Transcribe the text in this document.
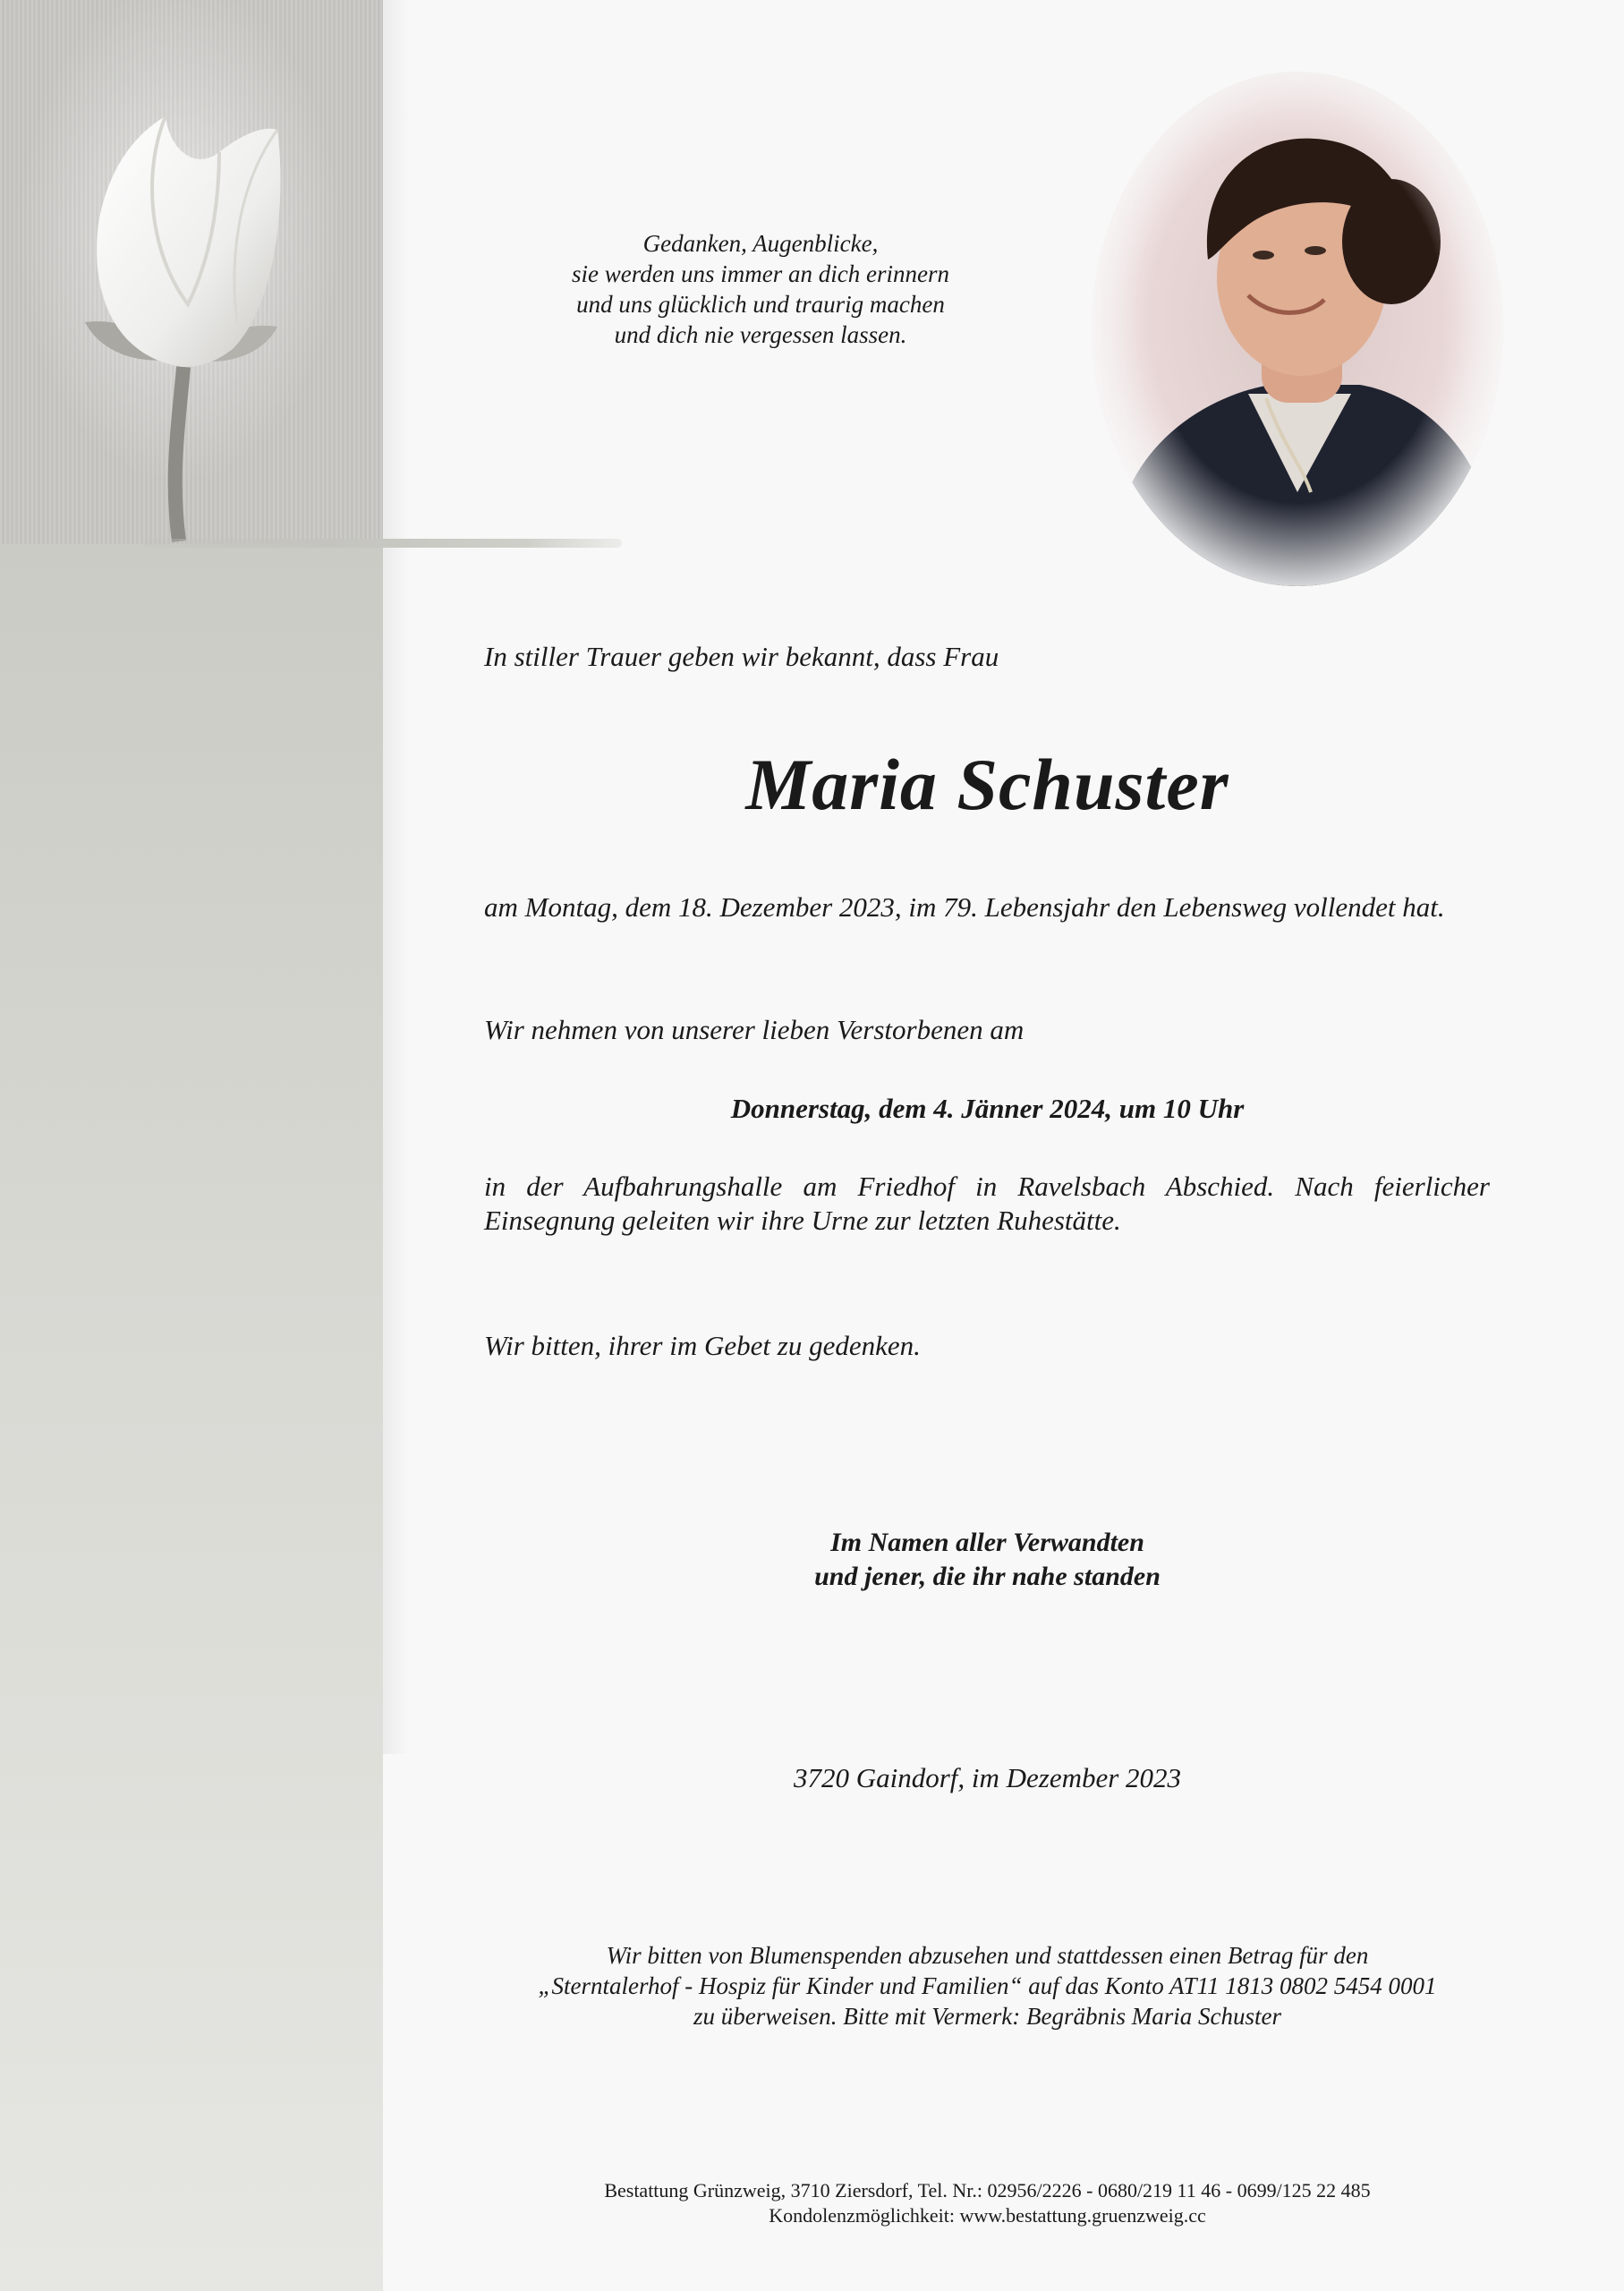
Gedanken, Augenblicke,
sie werden uns immer an dich erinnern
und uns glücklich und traurig machen
und dich nie vergessen lassen.

In stiller Trauer geben wir bekannt, dass Frau

Maria Schuster

am Montag, dem 18. Dezember 2023, im 79. Lebensjahr den Lebensweg vollendet hat.

Wir nehmen von unserer lieben Verstorbenen am

Donnerstag, dem 4. Jänner 2024, um 10 Uhr

in der Aufbahrungshalle am Friedhof in Ravelsbach Abschied. Nach feierlicher Einsegnung geleiten wir ihre Urne zur letzten Ruhestätte.

Wir bitten, ihrer im Gebet zu gedenken.

Im Namen aller Verwandten
und jener, die ihr nahe standen

3720 Gaindorf, im Dezember 2023

Wir bitten von Blumenspenden abzusehen und stattdessen einen Betrag für den
„Sterntalerhof - Hospiz für Kinder und Familien“ auf das Konto AT11 1813 0802 5454 0001
zu überweisen. Bitte mit Vermerk: Begräbnis Maria Schuster

Bestattung Grünzweig, 3710 Ziersdorf, Tel. Nr.: 02956/2226 - 0680/219 11 46 - 0699/125 22 485
Kondolenzmöglichkeit: www.bestattung.gruenzweig.cc
